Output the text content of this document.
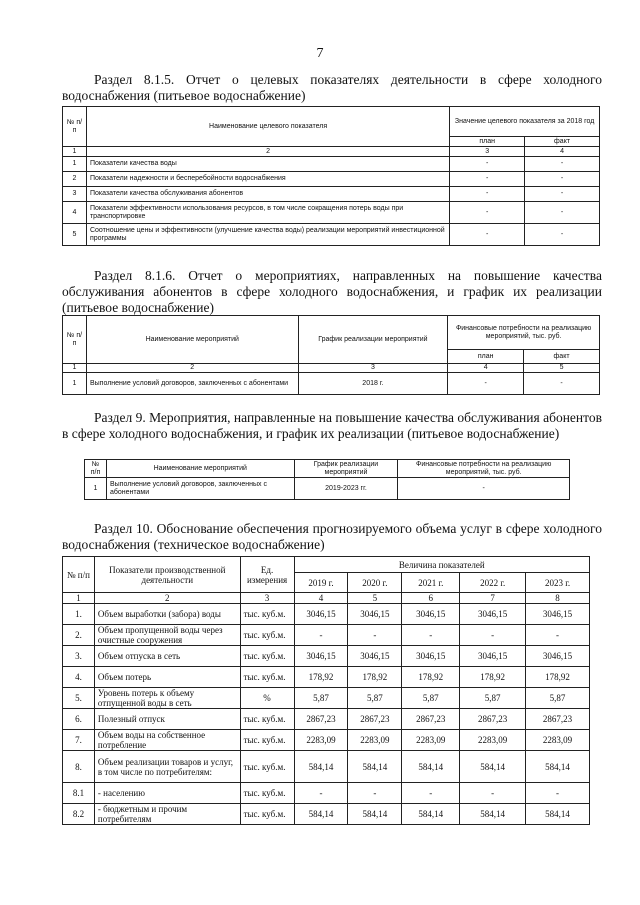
7
Раздел 8.1.5. Отчет о целевых показателях деятельности в сфере холодного водоснабжения (питьевое водоснабжение)
№ п/п	Наименование целевого показателя	Значение целевого показателя за 2018 год	
		план	факт
1	2	3	4
1	Показатели качества воды	-	-
2	Показатели надежности и бесперебойности водоснабжения	-	-
3	Показатели качества обслуживания абонентов	-	-
4	Показатели эффективности использования ресурсов, в том числе сокращения потерь воды при транспортировке	-	-
5	Соотношение цены и эффективности (улучшение качества воды) реализации мероприятий инвестиционной программы	-	-
Раздел 8.1.6. Отчет о мероприятиях, направленных на повышение качества обслуживания абонентов в сфере холодного водоснабжения, и график их реализации (питьевое водоснабжение)
№ п/п	Наименование мероприятий	График реализации мероприятий	Финансовые потребности на реализацию мероприятий, тыс. руб.	
			план	факт
1	2	3	4	5
1	Выполнение условий договоров, заключенных с абонентами	2018 г.	-	-
Раздел 9. Мероприятия, направленные на повышение качества обслуживания абонентов в сфере холодного водоснабжения, и график их реализации (питьевое водоснабжение)
№ п/п	Наименование мероприятий	График реализации мероприятий	Финансовые потребности на реализацию мероприятий, тыс. руб.
1	Выполнение условий договоров, заключенных с абонентами	2019-2023 гг.	-
Раздел 10. Обоснование обеспечения прогнозируемого объема услуг в сфере холодного водоснабжения (техническое водоснабжение)
№ п/п	Показатели производственной деятельности	Ед. измерения	Величина показателей				
			2019 г.	2020 г.	2021 г.	2022 г.	2023 г.
1	2	3	4	5	6	7	8
1.	Объем выработки (забора) воды	тыс. куб.м.	3046,15	3046,15	3046,15	3046,15	3046,15
2.	Объем пропущенной воды через очистные сооружения	тыс. куб.м.	-	-	-	-	-
3.	Объем отпуска в сеть	тыс. куб.м.	3046,15	3046,15	3046,15	3046,15	3046,15
4.	Объем потерь	тыс. куб.м.	178,92	178,92	178,92	178,92	178,92
5.	Уровень потерь к объему отпущенной воды в сеть	%	5,87	5,87	5,87	5,87	5,87
6.	Полезный отпуск	тыс. куб.м.	2867,23	2867,23	2867,23	2867,23	2867,23
7.	Объем воды на собственное потребление	тыс. куб.м.	2283,09	2283,09	2283,09	2283,09	2283,09
8.	Объем реализации товаров и услуг, в том числе по потребителям:	тыс. куб.м.	584,14	584,14	584,14	584,14	584,14
8.1	- населению	тыс. куб.м.	-	-	-	-	-
8.2	- бюджетным и прочим потребителям	тыс. куб.м.	584,14	584,14	584,14	584,14	584,14
